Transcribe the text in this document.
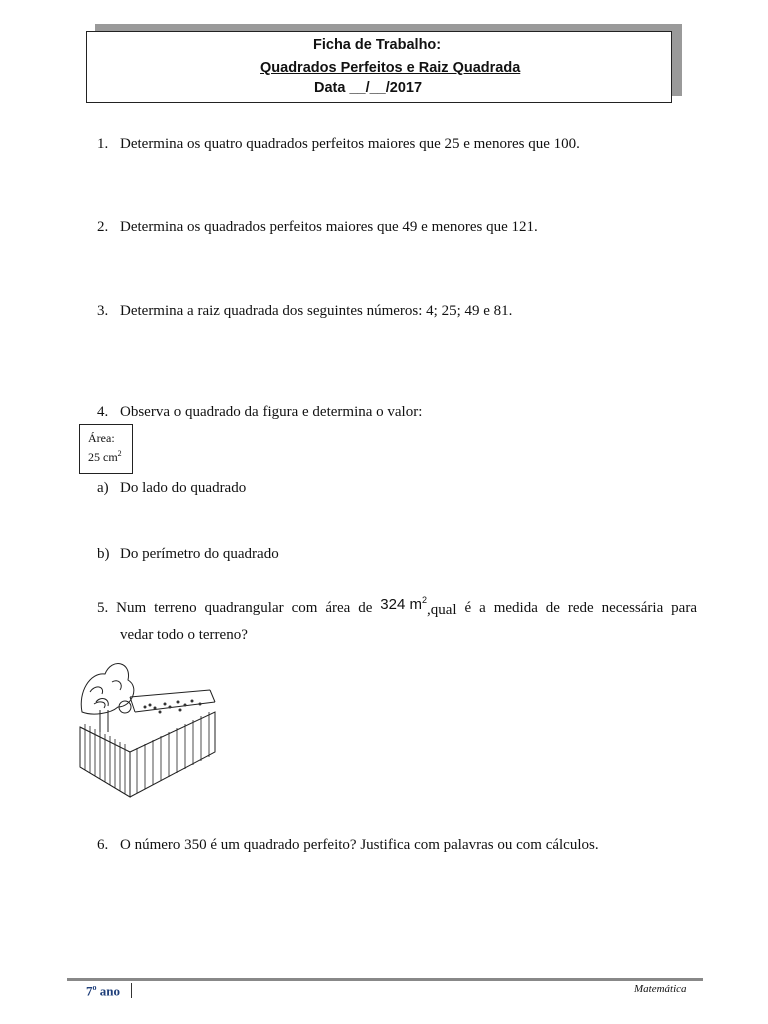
Ficha de Trabalho:
Quadrados Perfeitos e Raiz Quadrada
Data __/__/2017
1. Determina os quatro quadrados perfeitos maiores que 25 e menores que 100.
2. Determina os quadrados perfeitos maiores que 49 e menores que 121.
3. Determina a raiz quadrada dos seguintes números: 4; 25; 49 e 81.
4. Observa o quadrado da figura e determina o valor:
Área:
25 $cm^2$
a) Do lado do quadrado
b) Do perímetro do quadrado
5. Num terreno quadrangular com área de 324 $m^2,qual$ é a medida de rede necessária para
vedar todo o terreno?
6. O número 350 é um quadrado perfeito? Justifica com palavras ou com cálculos.
7$^o$ ano	Matemática
